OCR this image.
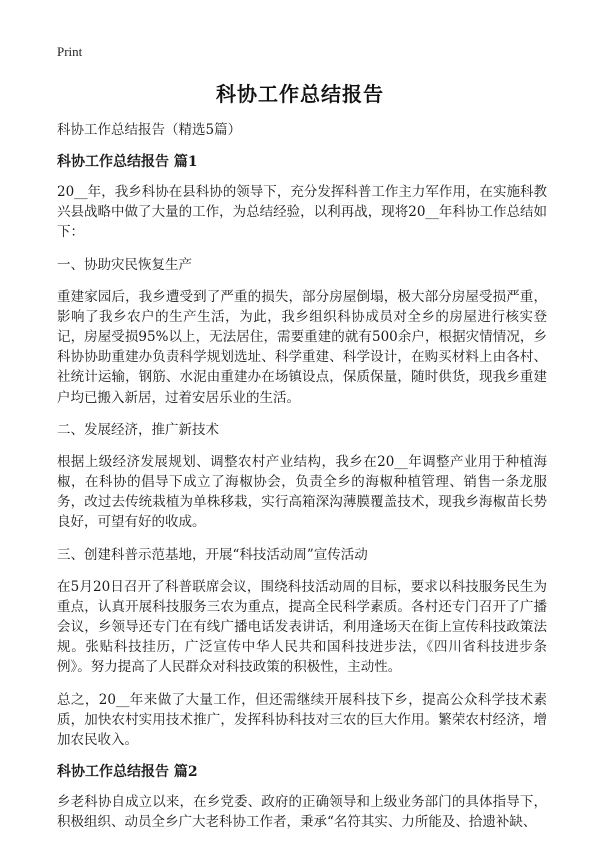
Print
科协工作总结报告
科协工作总结报告（精选5篇）
科协工作总结报告 篇1

20__年，我乡科协在县科协的领导下，充分发挥科普工作主力军作用，在实施科教兴县战略中做了大量的工作，为总结经验，以利再战，现将20__年科协工作总结如下：

一、协助灾民恢复生产

重建家园后，我乡遭受到了严重的损失，部分房屋倒塌，极大部分房屋受损严重，影响了我乡农户的生产生活，为此，我乡组织科协成员对全乡的房屋进行核实登记，房屋受损95%以上，无法居住，需要重建的就有500余户，根据灾情情况，乡科协协助重建办负责科学规划选址、科学重建、科学设计，在购买材料上由各村、社统计运输，钢筋、水泥由重建办在场镇设点，保质保量，随时供货，现我乡重建户均已搬入新居，过着安居乐业的生活。

二、发展经济，推广新技术

根据上级经济发展规划、调整农村产业结构，我乡在20__年调整产业用于种植海椒，在科协的倡导下成立了海椒协会，负责全乡的海椒种植管理、销售一条龙服务，改过去传统栽植为单株移栽，实行高箱深沟薄膜覆盖技术，现我乡海椒苗长势良好，可望有好的收成。

三、创建科普示范基地，开展“科技活动周”宣传活动

在5月20日召开了科普联席会议，围绕科技活动周的目标，要求以科技服务民生为重点，认真开展科技服务三农为重点，提高全民科学素质。各村还专门召开了广播会议，乡领导还专门在有线广播电话发表讲话，利用逢场天在街上宣传科技政策法规。张贴科技挂历，广泛宣传中华人民共和国科技进步法，《四川省科技进步条例》。努力提高了人民群众对科技政策的积极性，主动性。

总之，20__年来做了大量工作，但还需继续开展科技下乡，提高公众科学技术素质，加快农村实用技术推广，发挥科协科技对三农的巨大作用。繁荣农村经济，增加农民收入。

科协工作总结报告 篇2

乡老科协自成立以来，在乡党委、政府的正确领导和上级业务部门的具体指导下，积极组织、动员全乡广大老科协工作者，秉承“名符其实、力所能及、拾遗补缺、
